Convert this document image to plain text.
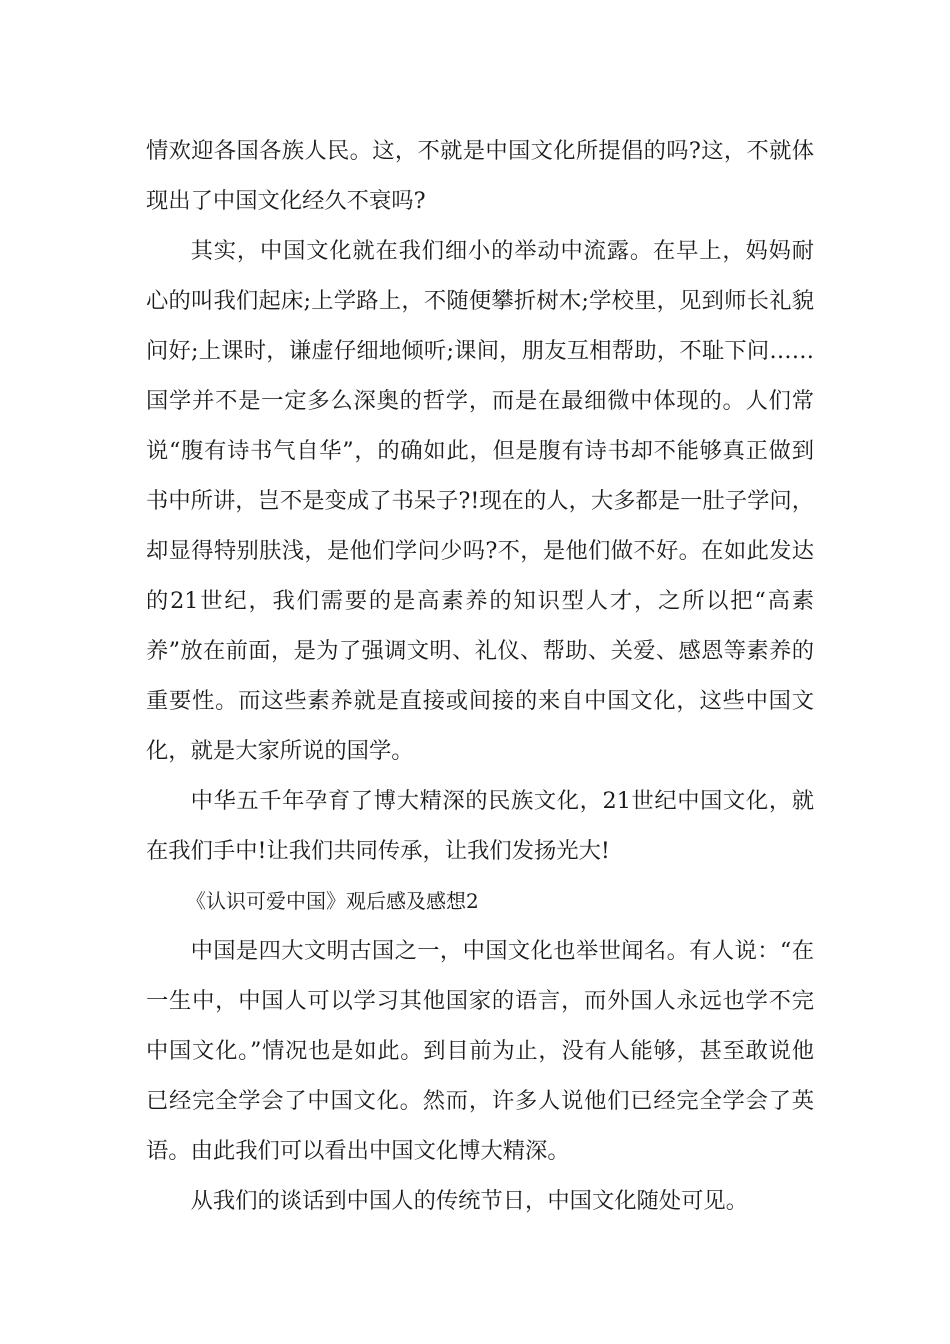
情欢迎各国各族人民。这，不就是中国文化所提倡的吗?这，不就体现出了中国文化经久不衰吗?

其实，中国文化就在我们细小的举动中流露。在早上，妈妈耐心的叫我们起床;上学路上，不随便攀折树木;学校里，见到师长礼貌问好;上课时，谦虚仔细地倾听;课间，朋友互相帮助，不耻下问……国学并不是一定多么深奥的哲学，而是在最细微中体现的。人们常说“腹有诗书气自华”，的确如此，但是腹有诗书却不能够真正做到书中所讲，岂不是变成了书呆子?!现在的人，大多都是一肚子学问，却显得特别肤浅，是他们学问少吗?不，是他们做不好。在如此发达的21世纪，我们需要的是高素养的知识型人才，之所以把“高素养”放在前面，是为了强调文明、礼仪、帮助、关爱、感恩等素养的重要性。而这些素养就是直接或间接的来自中国文化，这些中国文化，就是大家所说的国学。

中华五千年孕育了博大精深的民族文化，21世纪中国文化，就在我们手中!让我们共同传承，让我们发扬光大!

《认识可爱中国》观后感及感想2

中国是四大文明古国之一，中国文化也举世闻名。有人说：“在一生中，中国人可以学习其他国家的语言，而外国人永远也学不完中国文化。”情况也是如此。到目前为止，没有人能够，甚至敢说他已经完全学会了中国文化。然而，许多人说他们已经完全学会了英语。由此我们可以看出中国文化博大精深。

从我们的谈话到中国人的传统节日，中国文化随处可见。
